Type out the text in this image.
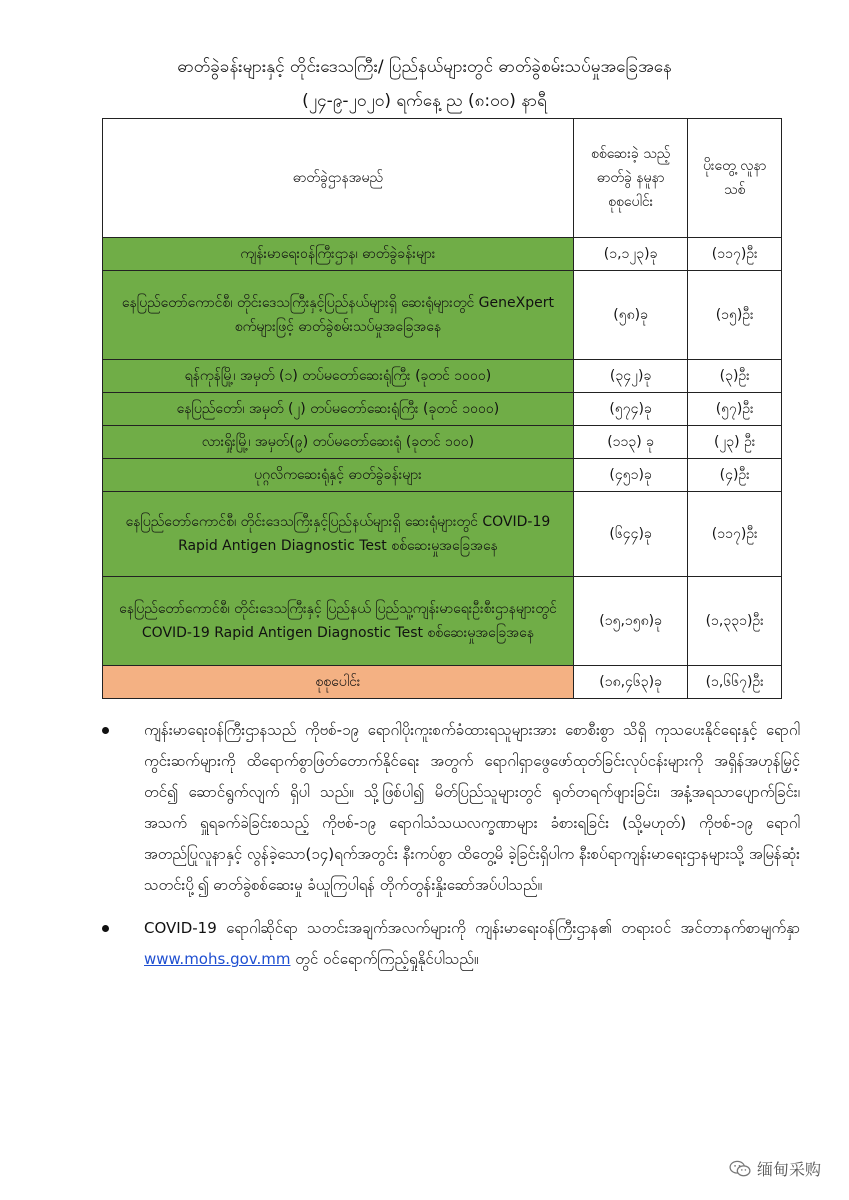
ဓာတ်ခွဲခန်းများနှင့် တိုင်းဒေသကြီး/ ပြည်နယ်များတွင် ဓာတ်ခွဲစမ်းသပ်မှုအခြေအနေ
(၂၄-၉-၂၀၂၀) ရက်နေ့ ည (၈:၀၀) နာရီ
ဓာတ်ခွဲဌာနအမည်	စစ်ဆေးခဲ့ သည့် ဓာတ်ခွဲ နမူနာ စုစုပေါင်း	ပိုးတွေ့ လူနာသစ်
ကျန်းမာရေးဝန်ကြီးဌာန၊ ဓာတ်ခွဲခန်းများ	(၁,၁၂၃)ခု	(၁၁၇)ဦး
နေပြည်တော်ကောင်စီ၊ တိုင်းဒေသကြီးနှင့်ပြည်နယ်များရှိ ဆေးရုံများတွင် GeneXpert စက်များဖြင့် ဓာတ်ခွဲစမ်းသပ်မှုအခြေအနေ	(၅၈)ခု	(၁၅)ဦး
ရန်ကုန်မြို့၊ အမှတ် (၁) တပ်မတော်ဆေးရုံကြီး (ခုတင် ၁၀၀၀)	(၃၄၂)ခု	(၃)ဦး
နေပြည်တော်၊ အမှတ် (၂) တပ်မတော်ဆေးရုံကြီး (ခုတင် ၁၀၀၀)	(၅၇၄)ခု	(၅၇)ဦး
လားရှိုးမြို့၊ အမှတ်(၉) တပ်မတော်ဆေးရုံ (ခုတင် ၁၀၀)	(၁၁၃) ခု	(၂၃) ဦး
ပုဂ္ဂလိကဆေးရုံနှင့် ဓာတ်ခွဲခန်းများ	(၄၅၁)ခု	(၄)ဦး
နေပြည်တော်ကောင်စီ၊ တိုင်းဒေသကြီးနှင့်ပြည်နယ်များရှိ ဆေးရုံများတွင် COVID-19 Rapid Antigen Diagnostic Test စစ်ဆေးမှုအခြေအနေ	(၆၄၄)ခု	(၁၁၇)ဦး
နေပြည်တော်ကောင်စီ၊ တိုင်းဒေသကြီးနှင့် ပြည်နယ် ပြည်သူ့ကျန်းမာရေးဦးစီးဌာနများတွင် COVID-19 Rapid Antigen Diagnostic Test စစ်ဆေးမှုအခြေအနေ	(၁၅,၁၅၈)ခု	(၁,၃၃၁)ဦး
စုစုပေါင်း	(၁၈,၄၆၃)ခု	(၁,၆၆၇)ဦး
ကျန်းမာရေးဝန်ကြီးဌာနသည် ကိုဗစ်-၁၉ ရောဂါပိုးကူးစက်ခံထားရသူများအား စောစီးစွာ သိရှိ ကုသပေးနိုင်ရေးနှင့် ရောဂါကွင်းဆက်များကို ထိရောက်စွာဖြတ်တောက်နိုင်ရေး အတွက် ရောဂါရှာဖွေဖော်ထုတ်ခြင်းလုပ်ငန်းများကို အရှိန်အဟုန်မြှင့်တင်၍ ဆောင်ရွက်လျက် ရှိပါ သည်။ သို့ဖြစ်ပါ၍ မိတ်ပြည်သူများတွင် ရုတ်တရက်ဖျားခြင်း၊ အနံ့အရသာပျောက်ခြင်း၊ အသက် ရှူရခက်ခဲခြင်းစသည့် ကိုဗစ်-၁၉ ရောဂါသံသယလက္ခဏာများ ခံစားရခြင်း (သို့မဟုတ်) ကိုဗစ်-၁၉ ရောဂါ အတည်ပြုလူနာနှင့် လွန်ခဲ့သော(၁၄)ရက်အတွင်း နီးကပ်စွာ ထိတွေ့မိ ခဲ့ခြင်းရှိပါက နီးစပ်ရာကျန်းမာရေးဌာနများသို့ အမြန်ဆုံးသတင်းပို့၍ ဓာတ်ခွဲစစ်ဆေးမှု ခံယူကြပါရန် တိုက်တွန်းနှိုးဆော်အပ်ပါသည်။
COVID-19 ရောဂါဆိုင်ရာ သတင်းအချက်အလက်များကို ကျန်းမာရေးဝန်ကြီးဌာန၏ တရားဝင် အင်တာနက်စာမျက်နှာ www.mohs.gov.mm တွင် ဝင်ရောက်ကြည့်ရှုနိုင်ပါသည်။
缅甸采购
